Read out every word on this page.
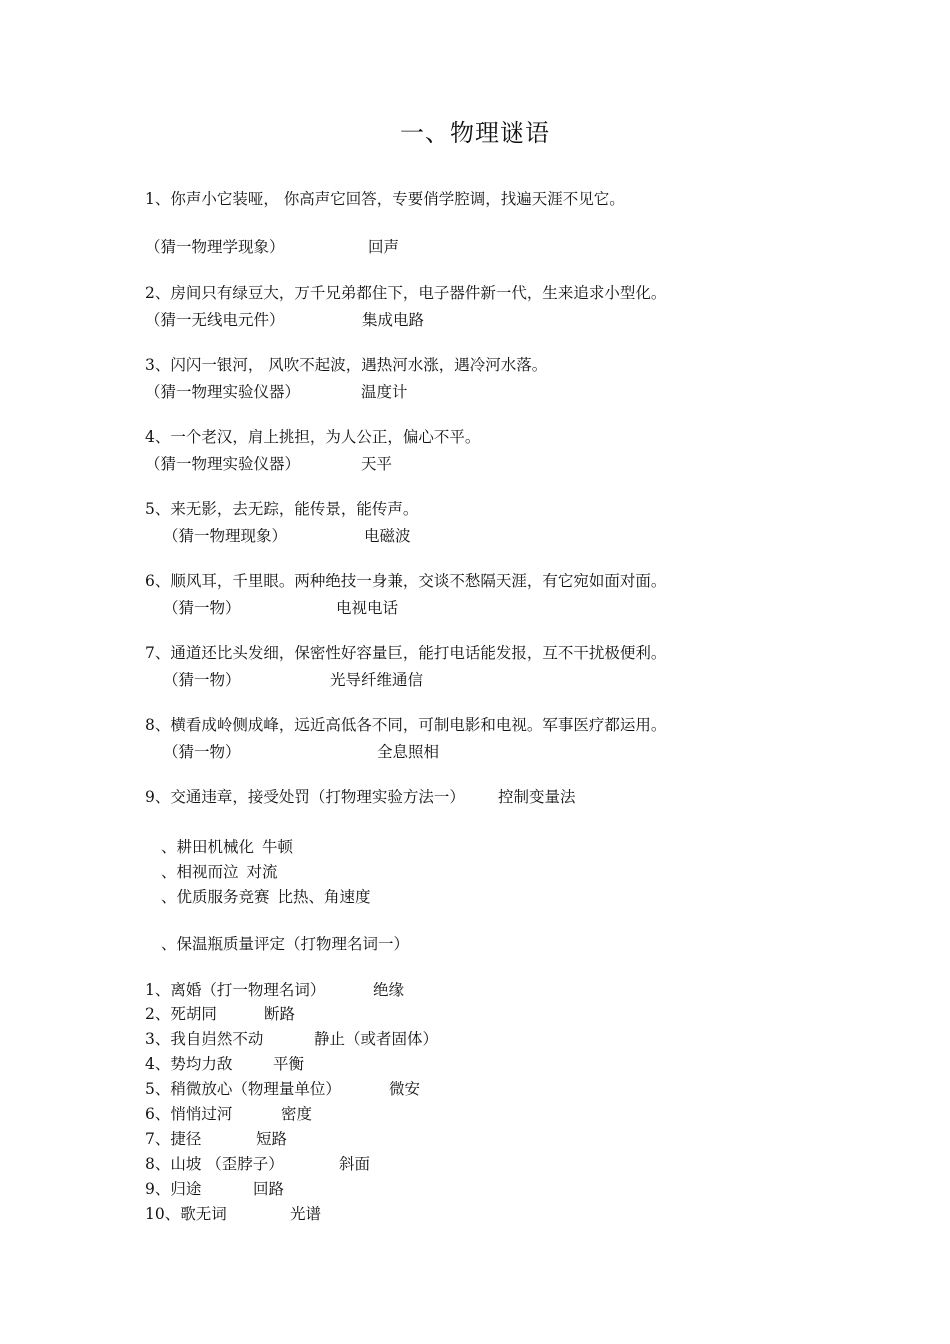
一、物理谜语
1、你声小它装哑， 你高声它回答，专要俏学腔调，找遍天涯不见它。
（猜一物理学现象）	回声
2、房间只有绿豆大，万千兄弟都住下，电子器件新一代，生来追求小型化。
（猜一无线电元件）	集成电路
3、闪闪一银河， 风吹不起波，遇热河水涨，遇冷河水落。
（猜一物理实验仪器）	温度计
4、一个老汉，肩上挑担，为人公正，偏心不平。
（猜一物理实验仪器）	天平
5、来无影，去无踪，能传景，能传声。
（猜一物理现象）	电磁波
6、顺风耳，千里眼。两种绝技一身兼，交谈不愁隔天涯，有它宛如面对面。
（猜一物）	电视电话
7、通道还比头发细，保密性好容量巨，能打电话能发报，互不干扰极便利。
（猜一物）	光导纤维通信
8、横看成岭侧成峰，远近高低各不同，可制电影和电视。军事医疗都运用。
（猜一物）	全息照相
9、交通违章，接受处罚（打物理实验方法一） 控制变量法
、耕田机械化 牛顿
、相视而泣 对流
、优质服务竞赛 比热、角速度
、保温瓶质量评定（打物理名词一）
1、离婚（打一物理名词）	绝缘
2、死胡同	断路
3、我自岿然不动	静止（或者固体）
4、势均力敌	平衡
5、稍微放心（物理量单位）	微安
6、悄悄过河	密度
7、捷径	短路
8、山坡 （歪脖子）	斜面
9、归途	回路
10、歌无词	光谱
